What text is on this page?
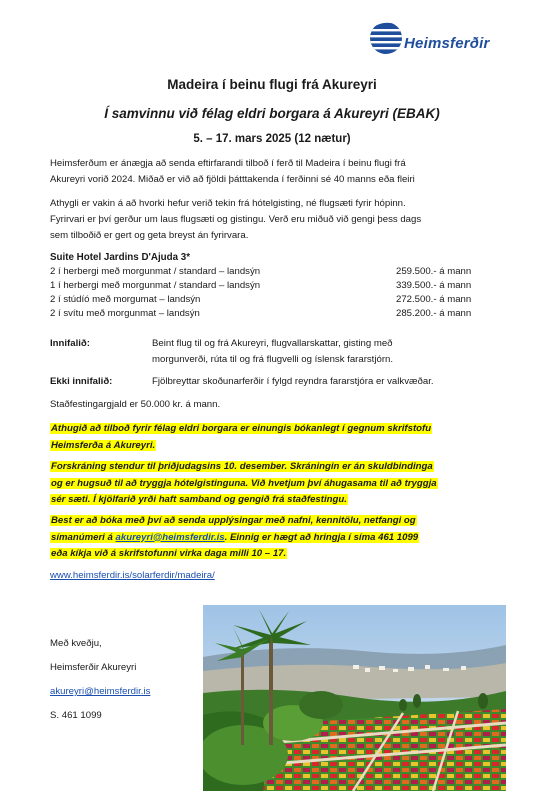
Heimsferðir
Madeira í beinu flugi frá Akureyri
Í samvinnu við félag eldri borgara á Akureyri (EBAK)
5. – 17. mars 2025 (12 nætur)
Heimsferðum er ánægja að senda eftirfarandi tilboð í ferð til Madeira í beinu flugi frá
Akureyri vorið 2024. Miðað er við að fjöldi þátttakenda í ferðinni sé 40 manns eða fleiri
Athygli er vakin á að hvorki hefur verið tekin frá hótelgisting, né flugsæti fyrir hópinn.
Fyrirvari er því gerður um laus flugsæti og gistingu. Verð eru miðuð við gengi þess dags
sem tilboðið er gert og geta breyst án fyrirvara.
Suite Hotel Jardins D'Ajuda 3*
2 í herbergi með morgunmat / standard – landsýn	259.500.- á mann
1 í herbergi með morgunmat / standard – landsýn	339.500.- á mann
2 í stúdíó með morgumat – landsýn	272.500.- á mann
2 í svítu með morgunmat – landsýn	285.200.- á mann
Innifalið:	Beint flug til og frá Akureyri, flugvallarskattar, gisting með
morgunverði, rúta til og frá flugvelli og íslensk fararstjórn.
Ekki innifalið:	Fjölbreyttar skoðunarferðir í fylgd reyndra fararstjóra er valkvæðar.
Staðfestingargjald er 50.000 kr. á mann.
Athugið að tilboð fyrir félag eldri borgara er einungis bókanlegt í gegnum skrifstofu
Heimsferða á Akureyri.
Forskráning stendur til þriðjudagsins 10. desember. Skráningin er án skuldbindinga
og er hugsuð til að tryggja hótelgistinguna. Við hvetjum því áhugasama til að tryggja
sér sæti. Í kjölfarið yrði haft samband og gengið frá staðfestingu.
Best er að bóka með því að senda upplýsingar með nafni, kennitölu, netfangi og
símanúmeri á akureyri@heimsferdir.is. Einnig er hægt að hringja í síma 461 1099
eða kíkja við á skrifstofunni virka daga milli 10 – 17.
www.heimsferdir.is/solarferdir/madeira/
Með kveðju,
Heimsferðir Akureyri
akureyri@heimsferdir.is
S. 461 1099
